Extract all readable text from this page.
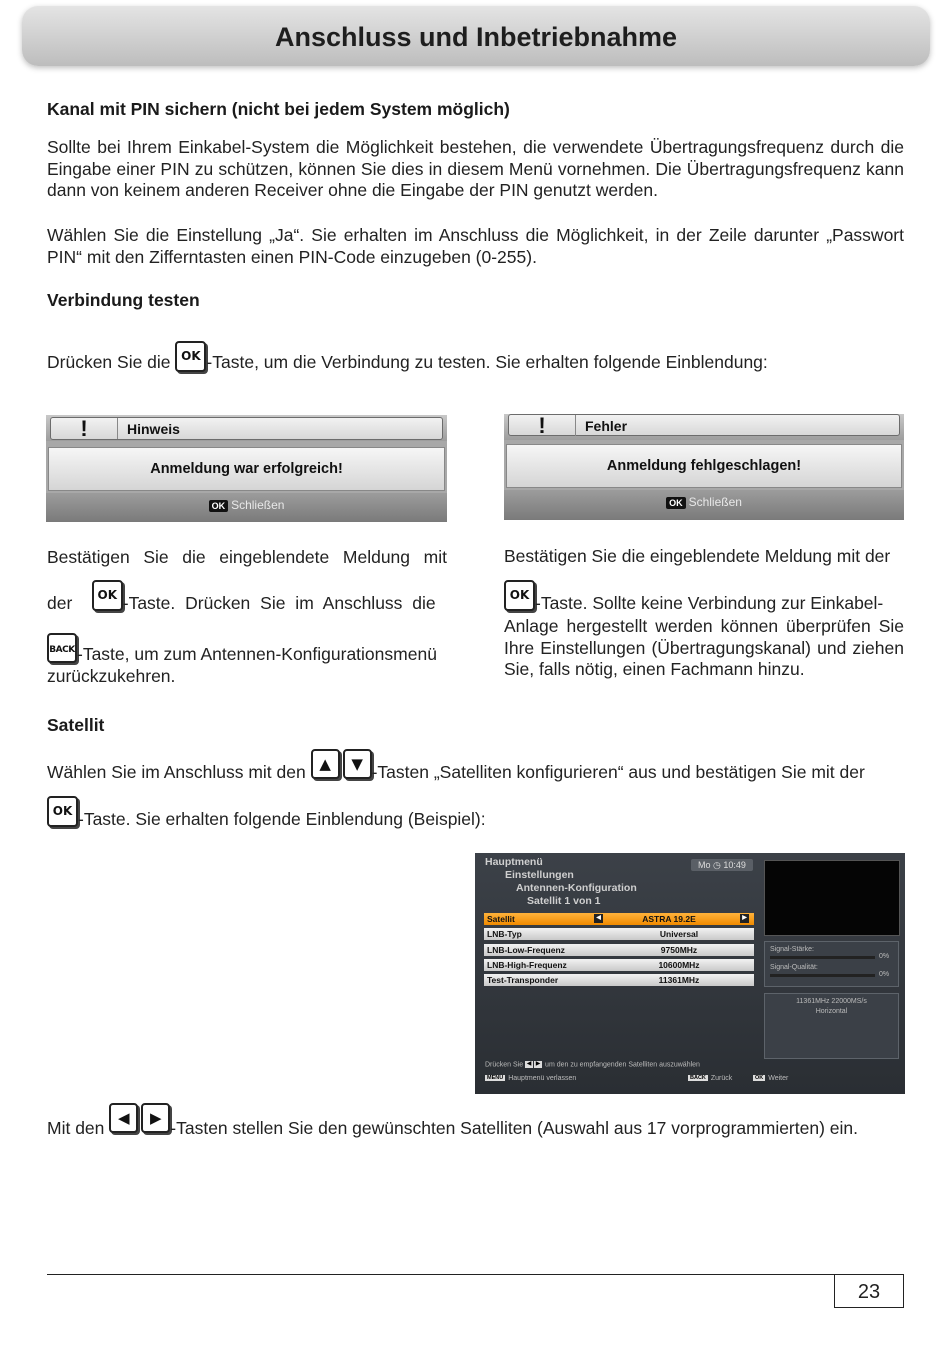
Anschluss und Inbetriebnahme
Kanal mit PIN sichern (nicht bei jedem System möglich)
Sollte bei Ihrem Einkabel-System die Möglichkeit bestehen, die verwendete Übertragungsfrequenz durch die Eingabe einer PIN zu schützen, können Sie dies in diesem Menü vornehmen. Die Übertragungsfrequenz kann dann von keinem anderen Receiver ohne die Eingabe der PIN genutzt werden.
Wählen Sie die Einstellung „Ja“. Sie erhalten im Anschluss die Möglichkeit, in der Zeile darunter „Passwort PIN“ mit den Zifferntasten einen PIN-Code einzugeben (0-255).
Verbindung testen
Drücken Sie die OK -Taste, um die Verbindung zu testen. Sie erhalten folgende Einblendung:
!	Hinweis
Anmeldung war erfolgreich!
OK Schließen
!	Fehler
Anmeldung fehlgeschlagen!
OK Schließen
Bestätigen Sie die eingeblendete Meldung mit
der OK -Taste. Drücken Sie im Anschluss die
BACK -Taste, um zum Antennen-Konfigurationsmenü
zurückzukehren.
Bestätigen Sie die eingeblendete Meldung mit der
OK -Taste. Sollte keine Verbindung zur Einkabel-
Anlage hergestellt werden können überprüfen Sie Ihre Einstellungen (Übertragungskanal) und ziehen Sie, falls nötig, einen Fachmann hinzu.
Satellit
Wählen Sie im Anschluss mit den ▲ ▼ -Tasten „Satelliten konfigurieren“ aus und bestätigen Sie mit der
OK -Taste. Sie erhalten folgende Einblendung (Beispiel):
Hauptmenü
Einstellungen
Antennen-Konfiguration
Satellit 1 von 1
Mo ◷ 10:49
Satellit	◀	ASTRA 19.2E	▶
LNB-Typ	Universal
LNB-Low-Frequenz	9750MHz
LNB-High-Frequenz	10600MHz
Test-Transponder	11361MHz
Signal-Stärke:
0%
Signal-Qualität:
0%
11361MHz 22000MS/s
Horizontal
Drücken Sie ◀ ▶ um den zu empfangenden Satelliten auszuwählen
MENU Hauptmenü verlassen	BACK Zurück	OK Weiter
Mit den ◀ ▶ -Tasten stellen Sie den gewünschten Satelliten (Auswahl aus 17 vorprogrammierten) ein.
23
